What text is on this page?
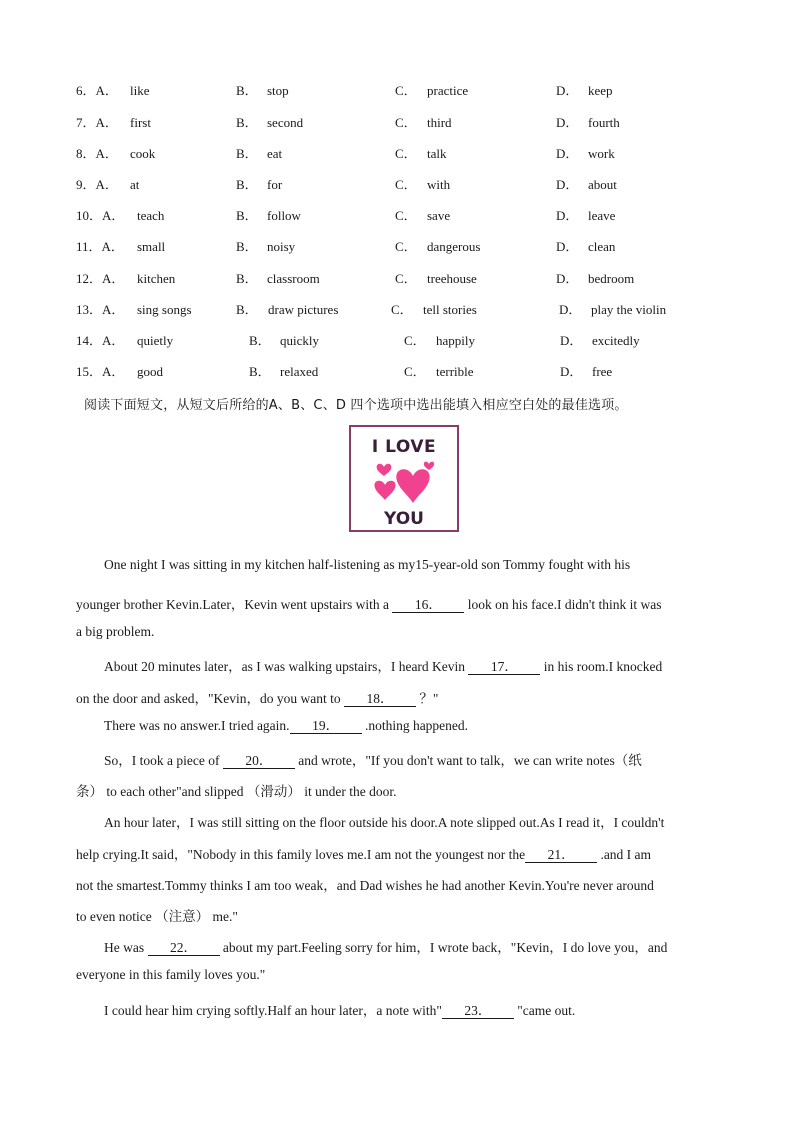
6．A． like	B． stop	C． practice	D． keep
7．A． first	B． second	C． third	D． fourth
8．A． cook	B． eat	C． talk	D． work
9．A． at	B． for	C． with	D． about
10．A． teach	B． follow	C． save	D． leave
11．A． small	B． noisy	C． dangerous	D． clean
12．A． kitchen	B． classroom	C． treehouse	D． bedroom
13．A． sing songs	B． draw pictures	C． tell stories	D． play the violin
14．A． quietly	B． quickly	C． happily	D． excitedly
15．A． good	B． relaxed	C． terrible	D． free
阅读下面短文，从短文后所给的A、B、C、D 四个选项中选出能填入相应空白处的最佳选项。
I LOVE
YOU
One night I was sitting in my kitchen half-listening as my15-year-old son Tommy fought with his
younger brother Kevin.Later，Kevin went upstairs with a 16． look on his face.I didn't think it was
a big problem.
About 20 minutes later，as I was walking upstairs，I heard Kevin 17． in his room.I knocked
on the door and asked，"Kevin，do you want to 18． ？"
There was no answer.I tried again. 19． .nothing happened.
So，I took a piece of 20． and wrote，"If you don't want to talk，we can write notes（纸
条） to each other"and slipped （滑动） it under the door.
An hour later，I was still sitting on the floor outside his door.A note slipped out.As I read it，I couldn't
help crying.It said，"Nobody in this family loves me.I am not the youngest nor the 21． .and I am
not the smartest.Tommy thinks I am too weak，and Dad wishes he had another Kevin.You're never around
to even notice （注意） me."
He was 22． about my part.Feeling sorry for him，I wrote back，"Kevin，I do love you，and
everyone in this family loves you."
I could hear him crying softly.Half an hour later，a note with" 23． "came out.
